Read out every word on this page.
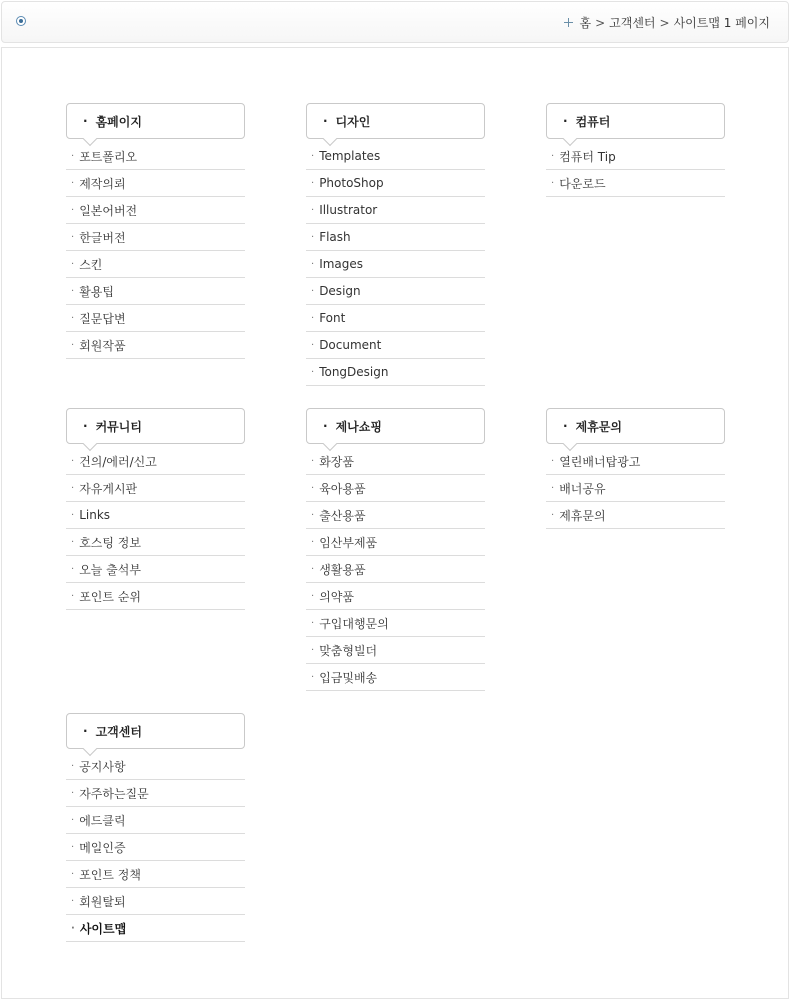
홈 > 고객센터 > 사이트맵 1 페이지
· 홈페이지
· 포트폴리오
· 제작의뢰
· 일본어버전
· 한글버전
· 스킨
· 활용팁
· 질문답변
· 회원작품
· 디자인
· Templates
· PhotoShop
· Illustrator
· Flash
· Images
· Design
· Font
· Document
· TongDesign
· 컴퓨터
· 컴퓨터 Tip
· 다운로드
· 커뮤니티
· 건의/에러/신고
· 자유게시판
· Links
· 호스팅 정보
· 오늘 출석부
· 포인트 순위
· 제나쇼핑
· 화장품
· 육아용품
· 출산용품
· 임산부제품
· 생활용품
· 의약품
· 구입대행문의
· 맞춤형빌더
· 입금및배송
· 제휴문의
· 열린배너탑광고
· 배너공유
· 제휴문의
· 고객센터
· 공지사항
· 자주하는질문
· 에드클릭
· 메일인증
· 포인트 정책
· 회원탈퇴
· 사이트맵
